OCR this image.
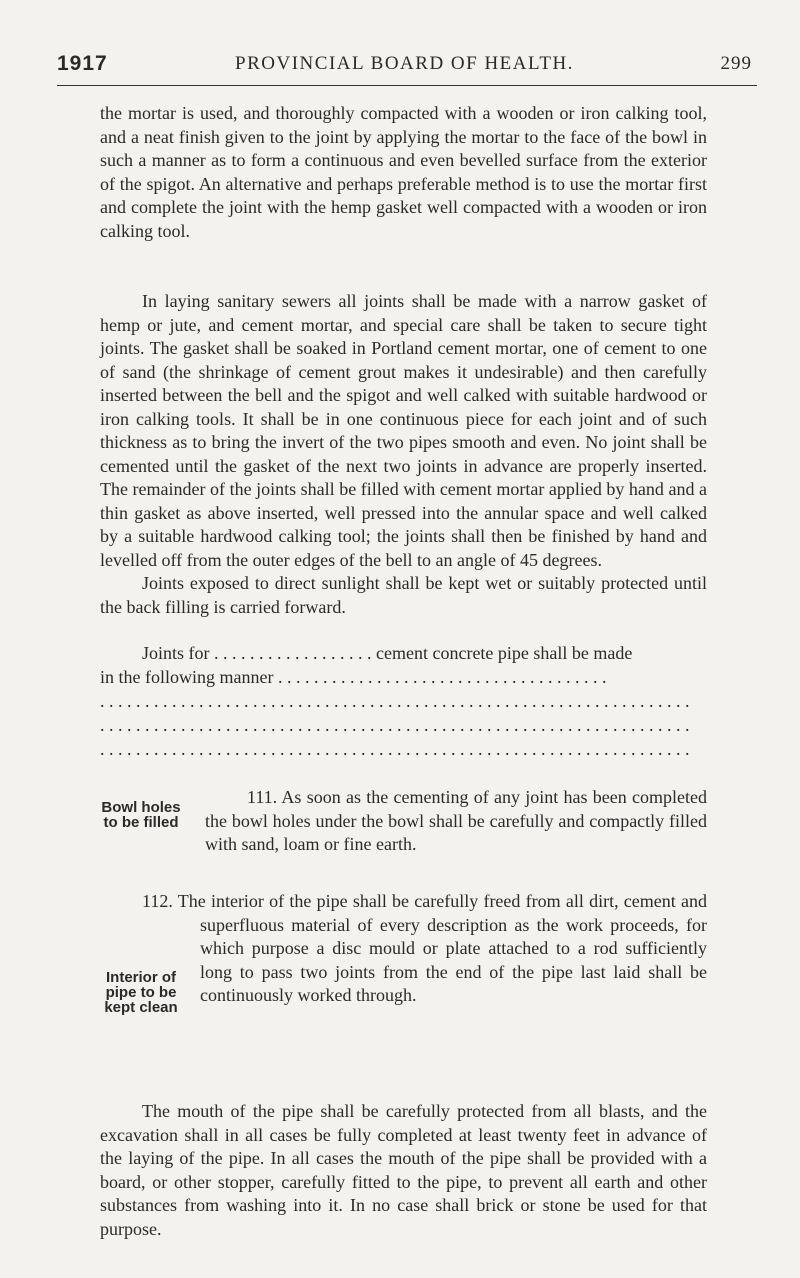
1917	PROVINCIAL BOARD OF HEALTH.	299

the mortar is used, and thoroughly compacted with a wooden or iron calking tool, and a neat finish given to the joint by applying the mortar to the face of the bowl in such a manner as to form a continuous and even bevelled surface from the exterior of the spigot. An alternative and perhaps preferable method is to use the mortar first and complete the joint with the hemp gasket well compacted with a wooden or iron calking tool.

In laying sanitary sewers all joints shall be made with a narrow gasket of hemp or jute, and cement mortar, and special care shall be taken to secure tight joints. The gasket shall be soaked in Portland cement mortar, one of cement to one of sand (the shrinkage of cement grout makes it undesirable) and then carefully inserted between the bell and the spigot and well calked with suitable hardwood or iron calking tools. It shall be in one continuous piece for each joint and of such thickness as to bring the invert of the two pipes smooth and even. No joint shall be cemented until the gasket of the next two joints in advance are properly inserted. The remainder of the joints shall be filled with cement mortar applied by hand and a thin gasket as above inserted, well pressed into the annular space and well calked by a suitable hardwood calking tool; the joints shall then be finished by hand and levelled off from the outer edges of the bell to an angle of 45 degrees.

Joints exposed to direct sunlight shall be kept wet or suitably protected until the back filling is carried forward.

Joints for . . . . . . . . . . . . . . . . . . cement concrete pipe shall be made
in the following manner . . . . . . . . . . . . . . . . . . . . . . . . . . . . . . . . . . . . .
. . . . . . . . . . . . . . . . . . . . . . . . . . . . . . . . . . . . . . . . . . . . . . . . . . . . . . . . . . . . . . . . . .
. . . . . . . . . . . . . . . . . . . . . . . . . . . . . . . . . . . . . . . . . . . . . . . . . . . . . . . . . . . . . . . . . .
. . . . . . . . . . . . . . . . . . . . . . . . . . . . . . . . . . . . . . . . . . . . . . . . . . . . . . . . . . . . . . . . . .
Bowl holes
to be filled

111. As soon as the cementing of any joint has been completed the bowl holes under the bowl shall be carefully and compactly filled with sand, loam or fine earth.

Interior of
pipe to be
kept clean

112. The interior of the pipe shall be carefully freed from all dirt, cement and superfluous material of every description as the work proceeds, for which purpose a disc mould or plate attached to a rod sufficiently long to pass two joints from the end of the pipe last laid shall be continuously worked through.

The mouth of the pipe shall be carefully protected from all blasts, and the excavation shall in all cases be fully completed at least twenty feet in advance of the laying of the pipe. In all cases the mouth of the pipe shall be provided with a board, or other stopper, carefully fitted to the pipe, to prevent all earth and other substances from washing into it. In no case shall brick or stone be used for that purpose.
